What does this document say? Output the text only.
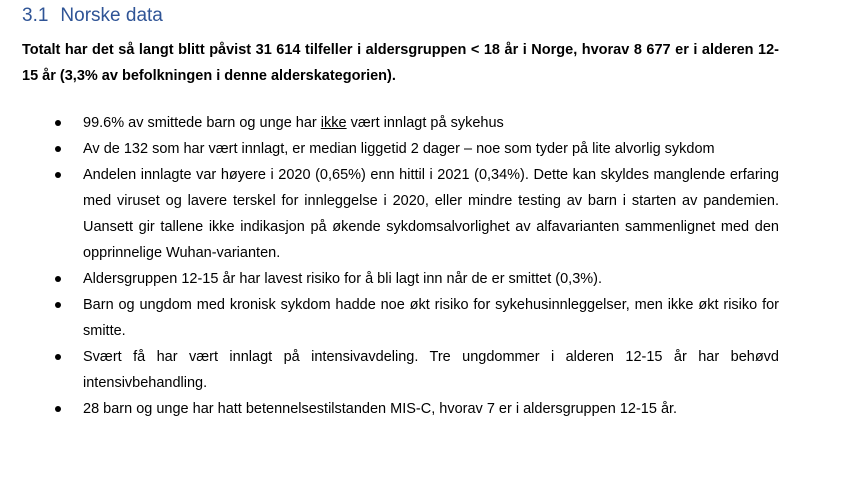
3.1 Norske data
Totalt har det så langt blitt påvist 31 614 tilfeller i aldersgruppen < 18 år i Norge, hvorav 8 677 er i alderen 12-15 år (3,3% av befolkningen i denne alderskategorien).
99.6% av smittede barn og unge har ikke vært innlagt på sykehus
Av de 132 som har vært innlagt, er median liggetid 2 dager – noe som tyder på lite alvorlig sykdom
Andelen innlagte var høyere i 2020 (0,65%) enn hittil i 2021 (0,34%). Dette kan skyldes manglende erfaring med viruset og lavere terskel for innleggelse i 2020, eller mindre testing av barn i starten av pandemien. Uansett gir tallene ikke indikasjon på økende sykdomsalvorlighet av alfavarianten sammenlignet med den opprinnelige Wuhan-varianten.
Aldersgruppen 12-15 år har lavest risiko for å bli lagt inn når de er smittet (0,3%).
Barn og ungdom med kronisk sykdom hadde noe økt risiko for sykehusinnleggelser, men ikke økt risiko for smitte.
Svært få har vært innlagt på intensivavdeling. Tre ungdommer i alderen 12-15 år har behøvd intensivbehandling.
28 barn og unge har hatt betennelsestilstanden MIS-C, hvorav 7 er i aldersgruppen 12-15 år.
